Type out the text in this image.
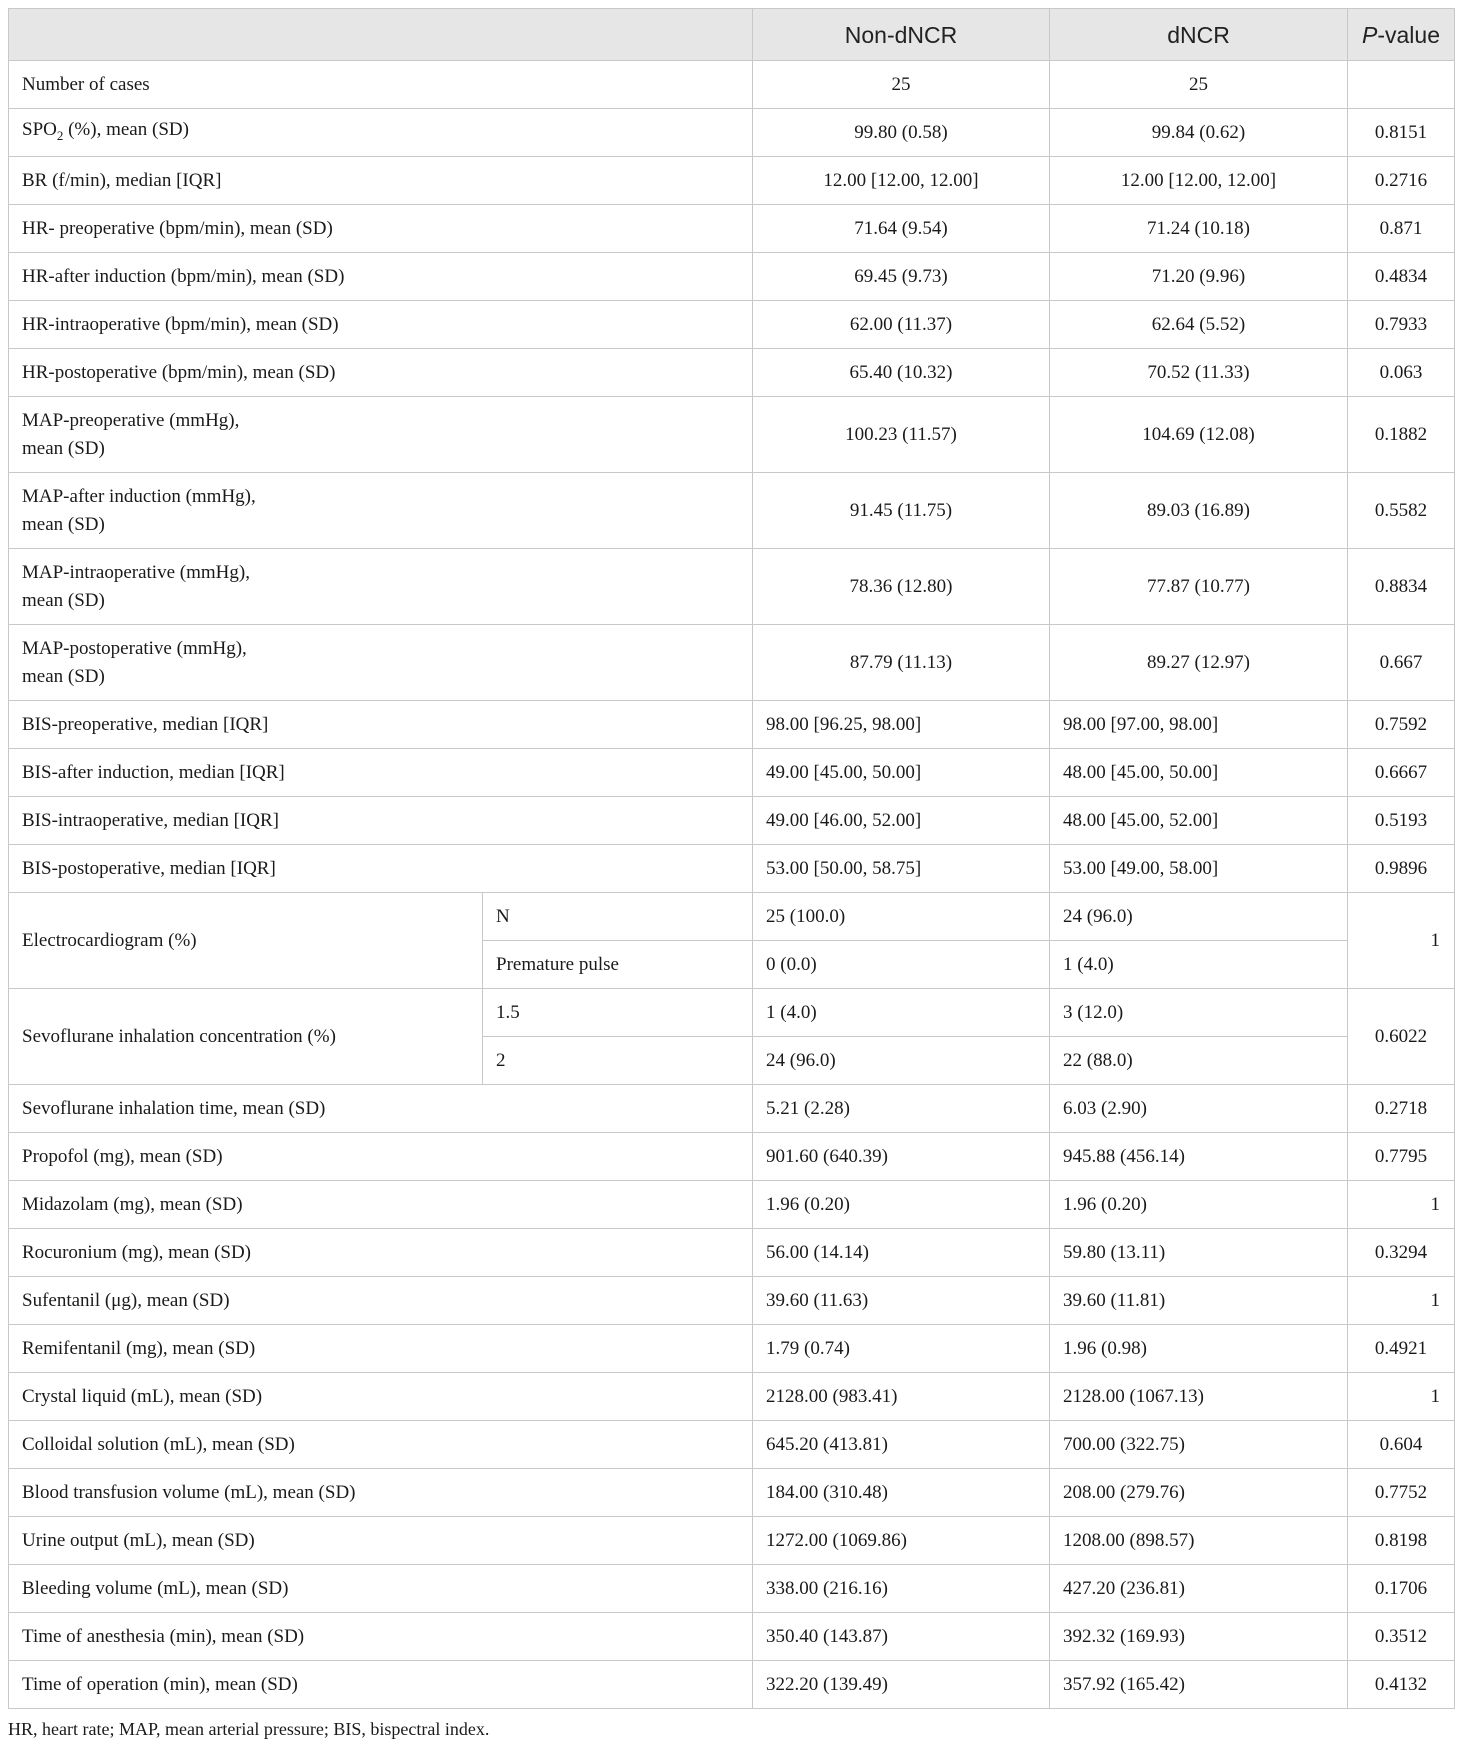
		Non-dNCR	dNCR	P-value
Number of cases		25	25	
$SPO_2$ (%), mean (SD)		99.80 (0.58)	99.84 (0.62)	0.8151
BR (f/min), median [IQR]		12.00 [12.00, 12.00]	12.00 [12.00, 12.00]	0.2716
HR- preoperative (bpm/min), mean (SD)		71.64 (9.54)	71.24 (10.18)	0.871
HR-after induction (bpm/min), mean (SD)		69.45 (9.73)	71.20 (9.96)	0.4834
HR-intraoperative (bpm/min), mean (SD)		62.00 (11.37)	62.64 (5.52)	0.7933
HR-postoperative (bpm/min), mean (SD)		65.40 (10.32)	70.52 (11.33)	0.063
MAP-preoperative (mmHg),
mean (SD)		100.23 (11.57)	104.69 (12.08)	0.1882
MAP-after induction (mmHg),
mean (SD)		91.45 (11.75)	89.03 (16.89)	0.5582
MAP-intraoperative (mmHg),
mean (SD)		78.36 (12.80)	77.87 (10.77)	0.8834
MAP-postoperative (mmHg),
mean (SD)		87.79 (11.13)	89.27 (12.97)	0.667
BIS-preoperative, median [IQR]		98.00 [96.25, 98.00]	98.00 [97.00, 98.00]	0.7592
BIS-after induction, median [IQR]		49.00 [45.00, 50.00]	48.00 [45.00, 50.00]	0.6667
BIS-intraoperative, median [IQR]		49.00 [46.00, 52.00]	48.00 [45.00, 52.00]	0.5193
BIS-postoperative, median [IQR]		53.00 [50.00, 58.75]	53.00 [49.00, 58.00]	0.9896
Electrocardiogram (%)	N	25 (100.0)	24 (96.0)	1
	Premature pulse	0 (0.0)	1 (4.0)	
Sevoflurane inhalation concentration (%)	1.5	1 (4.0)	3 (12.0)	0.6022
	2	24 (96.0)	22 (88.0)	
Sevoflurane inhalation time, mean (SD)		5.21 (2.28)	6.03 (2.90)	0.2718
Propofol (mg), mean (SD)		901.60 (640.39)	945.88 (456.14)	0.7795
Midazolam (mg), mean (SD)		1.96 (0.20)	1.96 (0.20)	1
Rocuronium (mg), mean (SD)		56.00 (14.14)	59.80 (13.11)	0.3294
Sufentanil (μg), mean (SD)		39.60 (11.63)	39.60 (11.81)	1
Remifentanil (mg), mean (SD)		1.79 (0.74)	1.96 (0.98)	0.4921
Crystal liquid (mL), mean (SD)		2128.00 (983.41)	2128.00 (1067.13)	1
Colloidal solution (mL), mean (SD)		645.20 (413.81)	700.00 (322.75)	0.604
Blood transfusion volume (mL), mean (SD)		184.00 (310.48)	208.00 (279.76)	0.7752
Urine output (mL), mean (SD)		1272.00 (1069.86)	1208.00 (898.57)	0.8198
Bleeding volume (mL), mean (SD)		338.00 (216.16)	427.20 (236.81)	0.1706
Time of anesthesia (min), mean (SD)		350.40 (143.87)	392.32 (169.93)	0.3512
Time of operation (min), mean (SD)		322.20 (139.49)	357.92 (165.42)	0.4132
HR, heart rate; MAP, mean arterial pressure; BIS, bispectral index.
